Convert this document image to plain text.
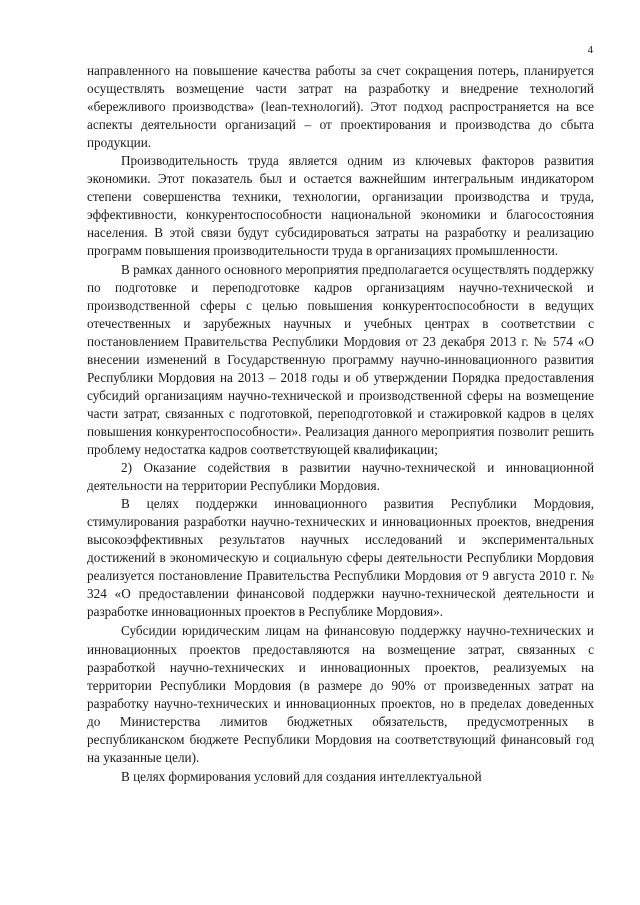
4

направленного на повышение качества работы за счет сокращения потерь, планируется осуществлять возмещение части затрат на разработку и внедрение технологий «бережливого производства» (lean-технологий). Этот подход распространяется на все аспекты деятельности организаций – от проектирования и производства до сбыта продукции.

Производительность труда является одним из ключевых факторов развития экономики. Этот показатель был и остается важнейшим интегральным индикатором степени совершенства техники, технологии, организации производства и труда, эффективности, конкурентоспособности национальной экономики и благосостояния населения. В этой связи будут субсидироваться затраты на разработку и реализацию программ повышения производительности труда в организациях промышленности.

В рамках данного основного мероприятия предполагается осуществлять поддержку по подготовке и переподготовке кадров организациям научно-технической и производственной сферы с целью повышения конкурентоспособности в ведущих отечественных и зарубежных научных и учебных центрах в соответствии с постановлением Правительства Республики Мордовия от 23 декабря 2013 г. № 574 «О внесении изменений в Государственную программу научно-инновационного развития Республики Мордовия на 2013 – 2018 годы и об утверждении Порядка предоставления субсидий организациям научно-технической и производственной сферы на возмещение части затрат, связанных с подготовкой, переподготовкой и стажировкой кадров в целях повышения конкурентоспособности». Реализация данного мероприятия позволит решить проблему недостатка кадров соответствующей квалификации;

2) Оказание содействия в развитии научно-технической и инновационной деятельности на территории Республики Мордовия.

В целях поддержки инновационного развития Республики Мордовия, стимулирования разработки научно-технических и инновационных проектов, внедрения высокоэффективных результатов научных исследований и экспериментальных достижений в экономическую и социальную сферы деятельности Республики Мордовия реализуется постановление Правительства Республики Мордовия от 9 августа 2010 г. № 324 «О предоставлении финансовой поддержки научно-технической деятельности и разработке инновационных проектов в Республике Мордовия».

Субсидии юридическим лицам на финансовую поддержку научно-технических и инновационных проектов предоставляются на возмещение затрат, связанных с разработкой научно-технических и инновационных проектов, реализуемых на территории Республики Мордовия (в размере до 90% от произведенных затрат на разработку научно-технических и инновационных проектов, но в пределах доведенных до Министерства лимитов бюджетных обязательств, предусмотренных в республиканском бюджете Республики Мордовия на соответствующий финансовый год на указанные цели).

В целях формирования условий для создания интеллектуальной
